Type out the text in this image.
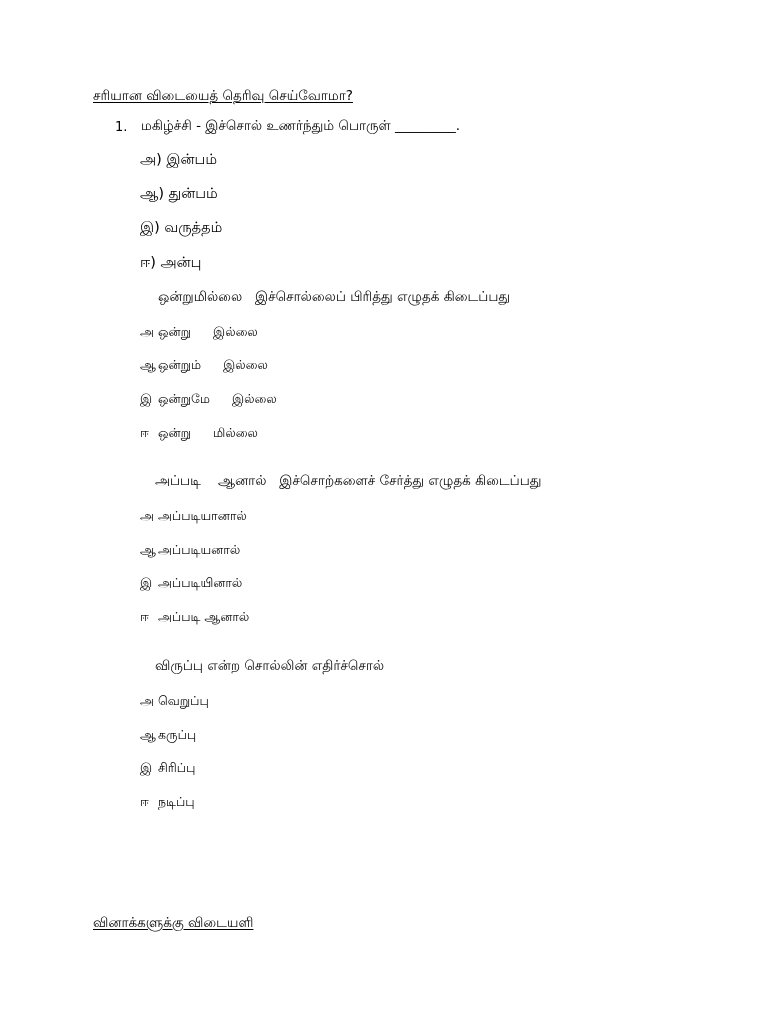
சரியான விடையைத் தெரிவு செய்வோமா?
1. மகிழ்ச்சி - இச்சொல் உணர்ந்தும் பொருள் _________.
அ) இன்பம்
ஆ) துன்பம்
இ) வருத்தம்
ஈ) அன்பு
ஒன்றுமில்லை   இச்சொல்லைப் பிரித்து எழுதக் கிடைப்பது
அ ஒன்று இல்லை
ஆ ஒன்றும் இல்லை
இ ஒன்றுமே இல்லை
ஈ ஒன்று மில்லை
அப்படி    ஆனால்   இச்சொற்களைச் சேர்த்து எழுதக் கிடைப்பது
அ அப்படியானால்
ஆ அப்படியனால்
இ அப்படியினால்
ஈ அப்படி ஆனால்
விருப்பு என்ற சொல்லின் எதிர்ச்சொல்
அ வெறுப்பு
ஆ கருப்பு
இ சிரிப்பு
ஈ நடிப்பு
வினாக்களுக்கு விடையளி
